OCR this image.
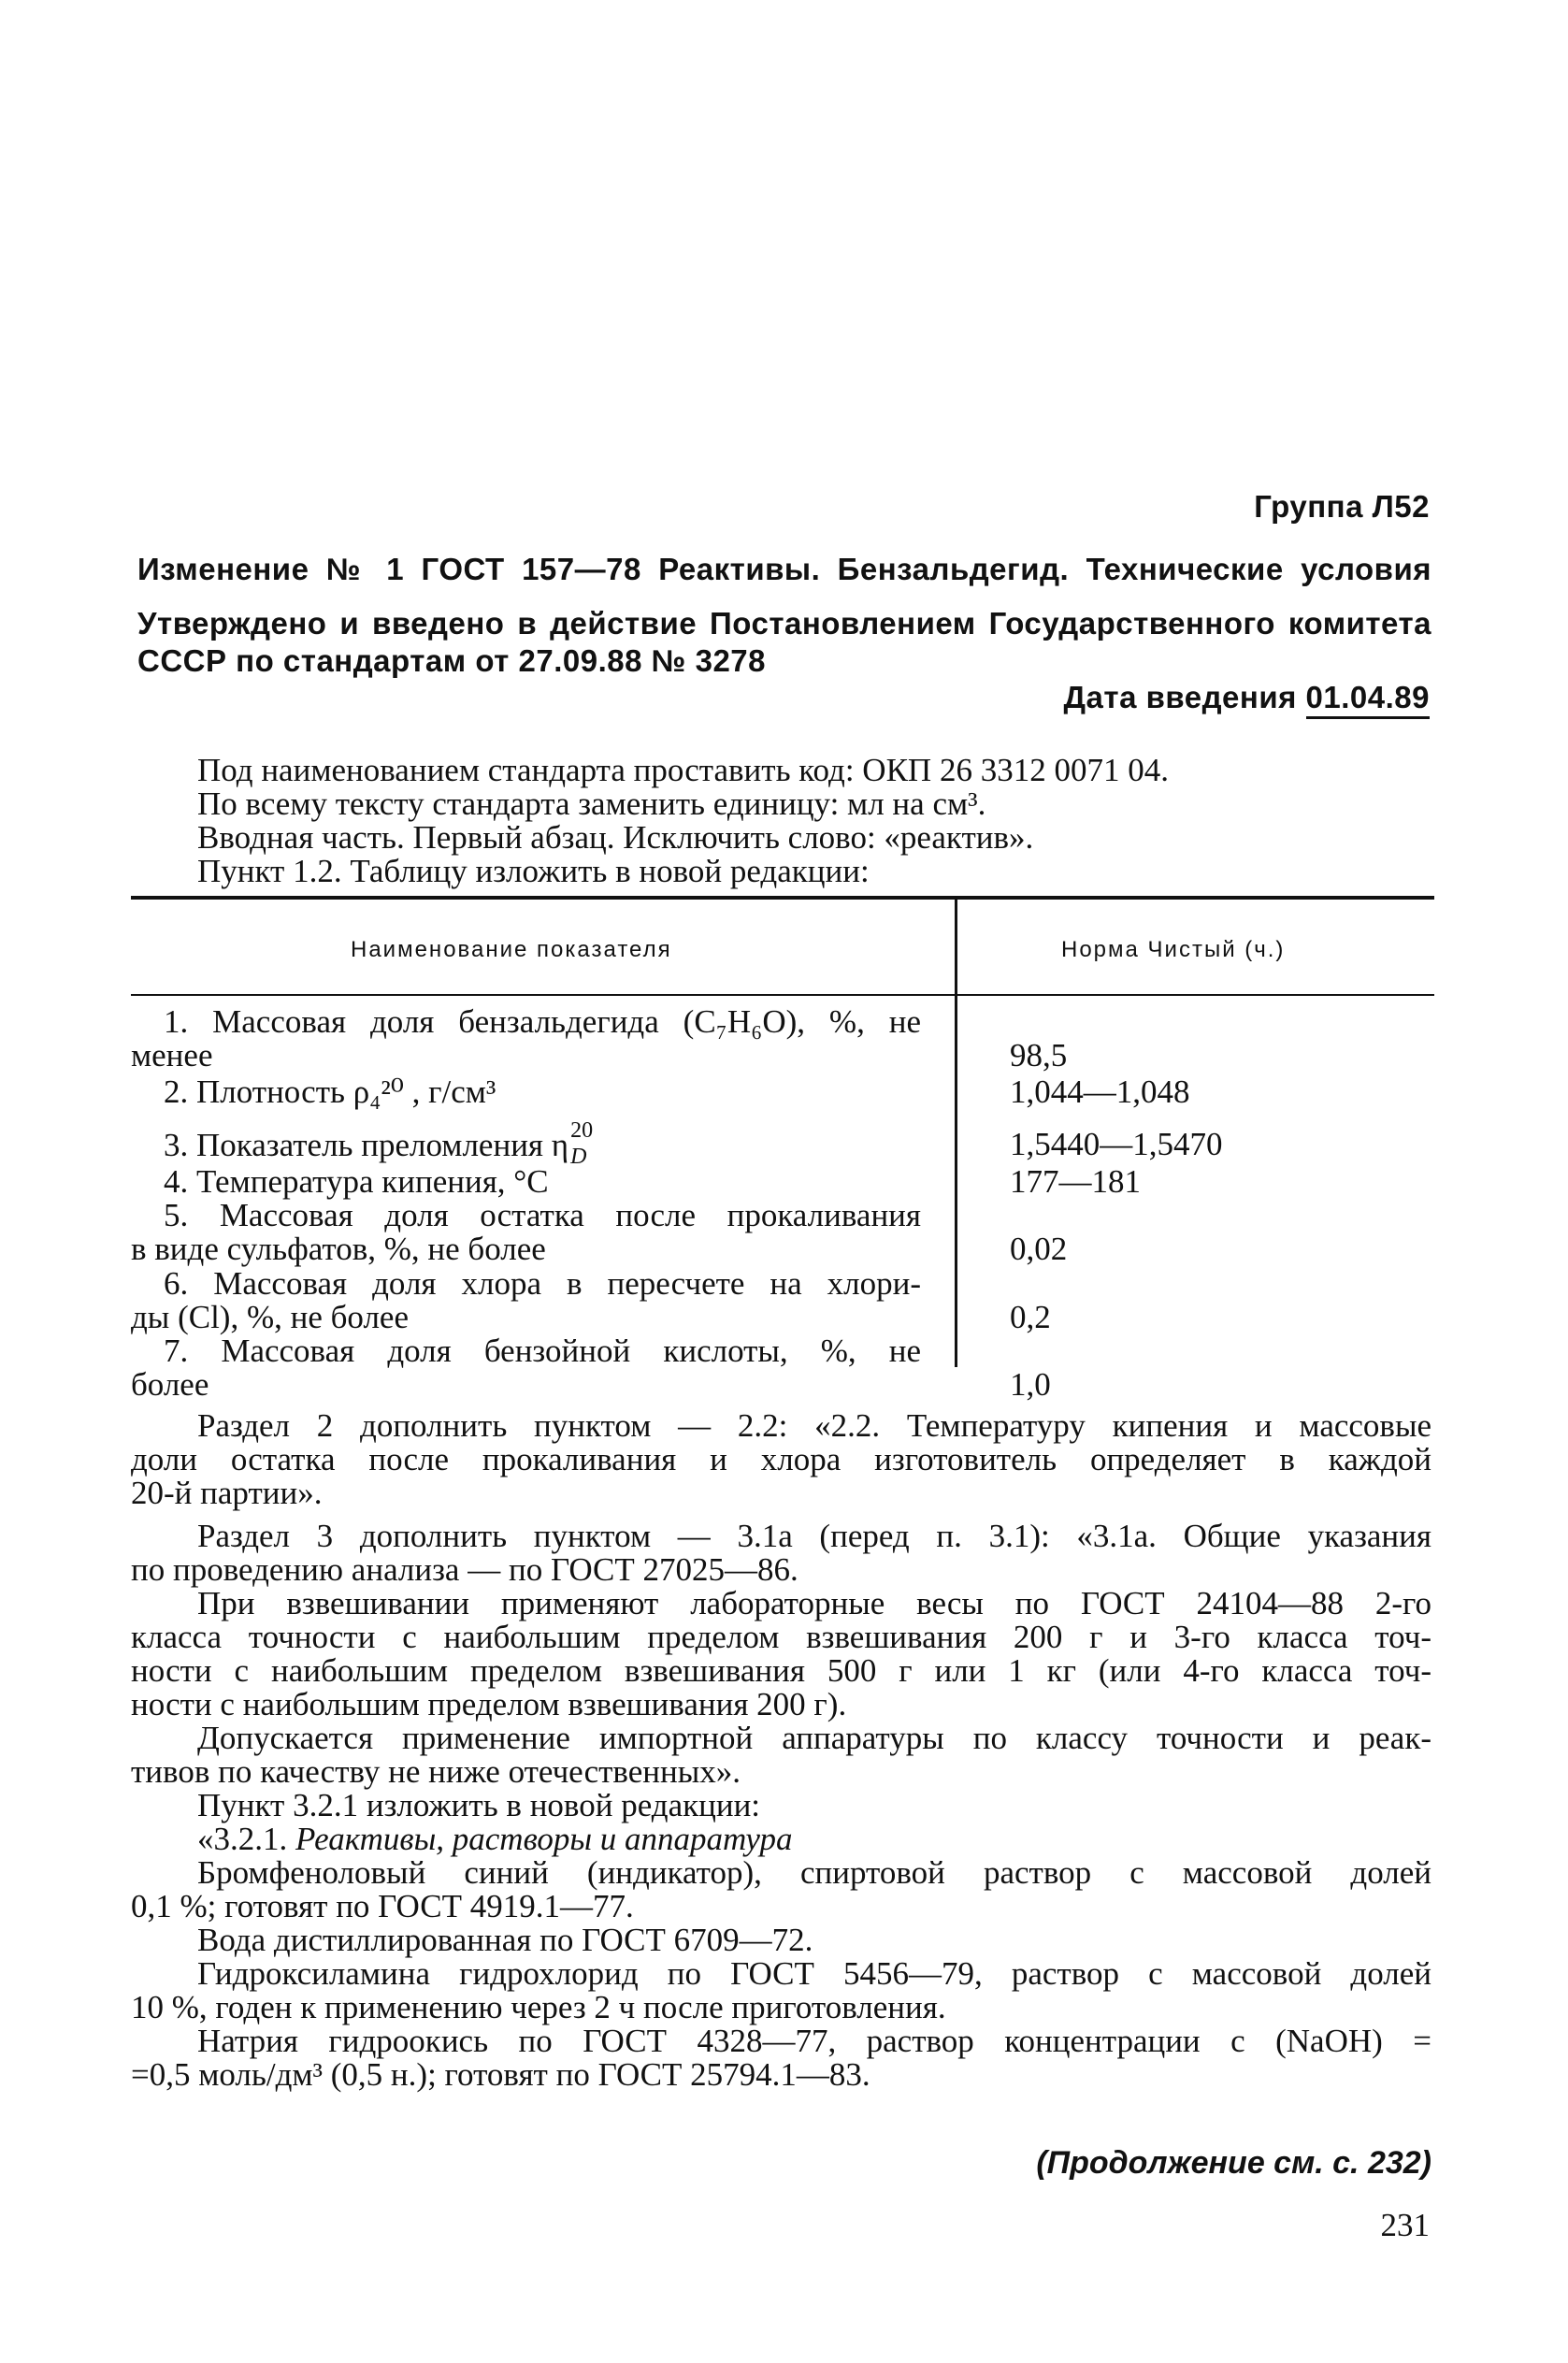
Группа Л52
Изменение № 1 ГОСТ 157—78 Реактивы. Бензальдегид. Технические условия
Утверждено и введено в действие Постановлением Государственного комитета
СССР по стандартам от 27.09.88 № 3278
Дата введения 01.04.89
Под наименованием стандарта проставить код: ОКП 26 3312 0071 04.
По всему тексту стандарта заменить единицу: мл на см³.
Вводная часть. Первый абзац. Исключить слово: «реактив».
Пункт 1.2. Таблицу изложить в новой редакции:
Наименование показателя	Норма Чистый (ч.)
1. Массовая доля бензальдегида (C₇H₆O), %, не
менее	98,5
2. Плотность ρ₄²⁰ , г/см³	1,044—1,048
3. Показатель преломления η 20
D	1,5440—1,5470
4. Температура кипения, °C	177—181
5. Массовая доля остатка после прокаливания
в виде сульфатов, %, не более	0,02
6. Массовая доля хлора в пересчете на хлори-
ды (Cl), %, не более	0,2
7. Массовая доля бензойной кислоты, %, не
более	1,0
Раздел 2 дополнить пунктом — 2.2: «2.2. Температуру кипения и массовые
доли остатка после прокаливания и хлора изготовитель определяет в каждой
20-й партии».
Раздел 3 дополнить пунктом — 3.1а (перед п. 3.1): «3.1а. Общие указания
по проведению анализа — по ГОСТ 27025—86.
При взвешивании применяют лабораторные весы по ГОСТ 24104—88 2-го
класса точности с наибольшим пределом взвешивания 200 г и 3-го класса точ-
ности с наибольшим пределом взвешивания 500 г или 1 кг (или 4-го класса точ-
ности с наибольшим пределом взвешивания 200 г).
Допускается применение импортной аппаратуры по классу точности и реак-
тивов по качеству не ниже отечественных».
Пункт 3.2.1 изложить в новой редакции:
«3.2.1. Реактивы, растворы и аппаратура
Бромфеноловый синий (индикатор), спиртовой раствор с массовой долей
0,1 %; готовят по ГОСТ 4919.1—77.
Вода дистиллированная по ГОСТ 6709—72.
Гидроксиламина гидрохлорид по ГОСТ 5456—79, раствор с массовой долей
10 %, годен к применению через 2 ч после приготовления.
Натрия гидроокись по ГОСТ 4328—77, раствор концентрации c (NaOH) =
=0,5 моль/дм³ (0,5 н.); готовят по ГОСТ 25794.1—83.
(Продолжение см. с. 232)
231
